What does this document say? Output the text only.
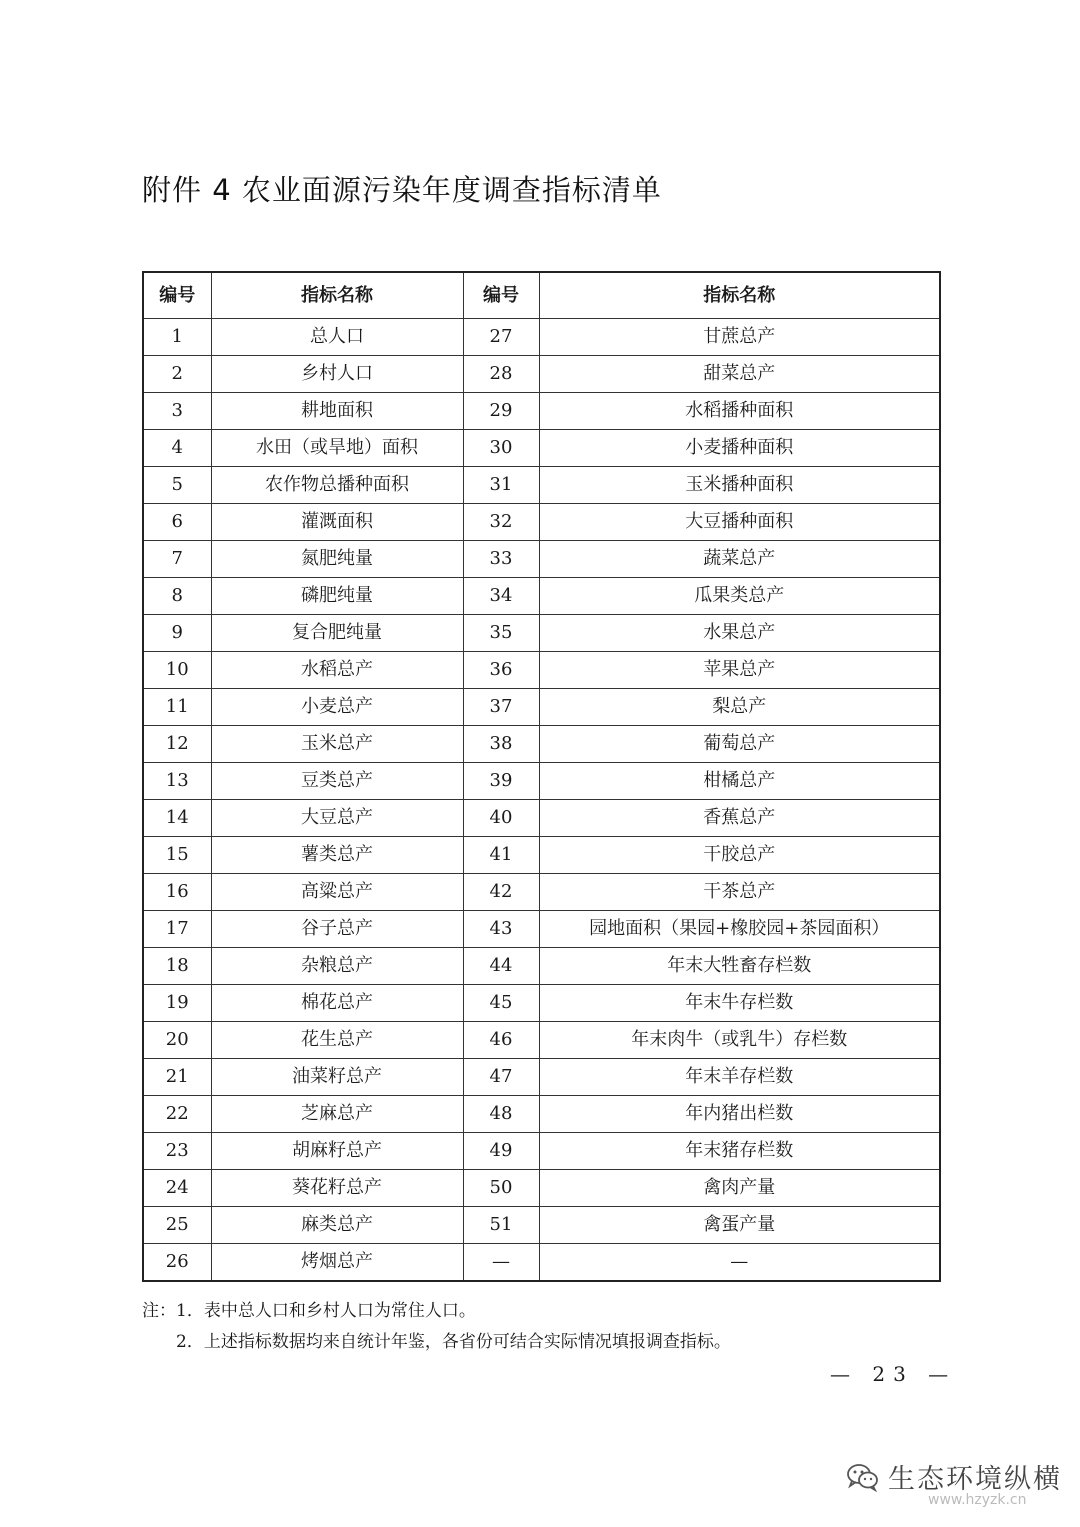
附件 4 农业面源污染年度调查指标清单
编号	指标名称	编号	指标名称
1	总人口	27	甘蔗总产
2	乡村人口	28	甜菜总产
3	耕地面积	29	水稻播种面积
4	水田（或旱地）面积	30	小麦播种面积
5	农作物总播种面积	31	玉米播种面积
6	灌溉面积	32	大豆播种面积
7	氮肥纯量	33	蔬菜总产
8	磷肥纯量	34	瓜果类总产
9	复合肥纯量	35	水果总产
10	水稻总产	36	苹果总产
11	小麦总产	37	梨总产
12	玉米总产	38	葡萄总产
13	豆类总产	39	柑橘总产
14	大豆总产	40	香蕉总产
15	薯类总产	41	干胶总产
16	高粱总产	42	干茶总产
17	谷子总产	43	园地面积（果园+橡胶园+茶园面积）
18	杂粮总产	44	年末大牲畜存栏数
19	棉花总产	45	年末牛存栏数
20	花生总产	46	年末肉牛（或乳牛）存栏数
21	油菜籽总产	47	年末羊存栏数
22	芝麻总产	48	年内猪出栏数
23	胡麻籽总产	49	年末猪存栏数
24	葵花籽总产	50	禽肉产量
25	麻类总产	51	禽蛋产量
26	烤烟总产	—	—
注：1．表中总人口和乡村人口为常住人口。
2．上述指标数据均来自统计年鉴，各省份可结合实际情况填报调查指标。
— 23 —
生态环境纵横
www.hzyzk.cn
